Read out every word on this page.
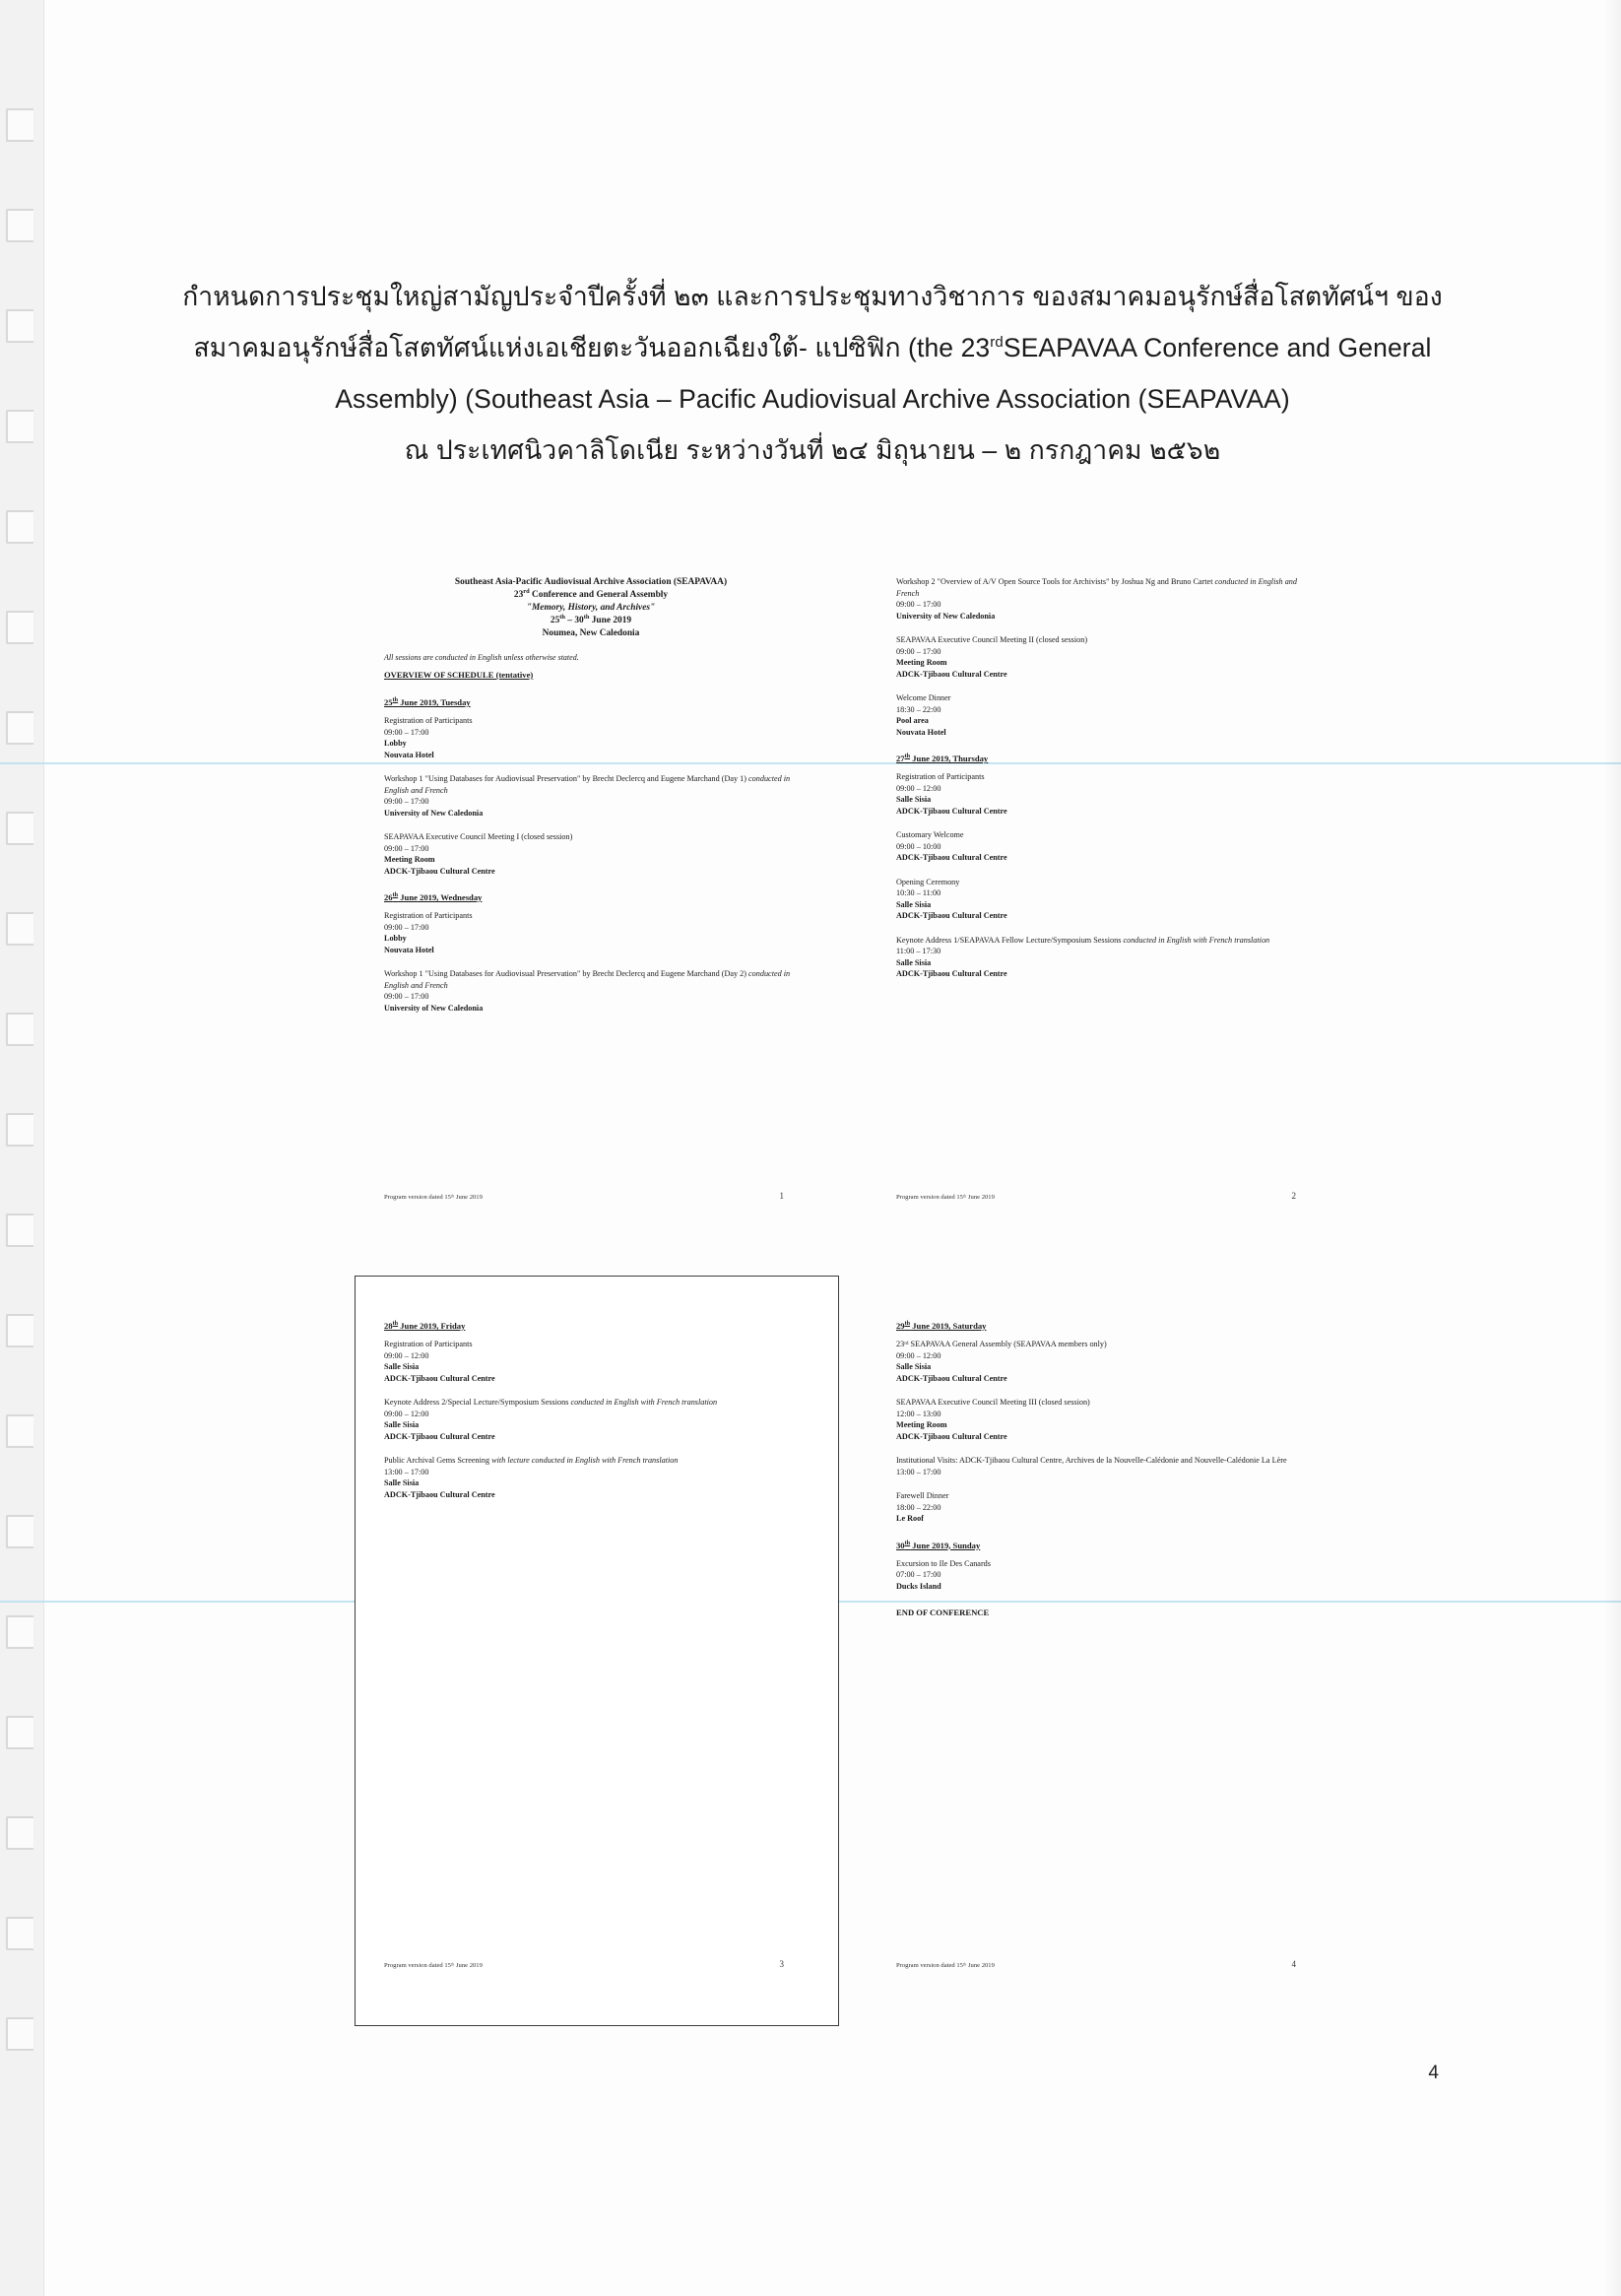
กำหนดการประชุมใหญ่สามัญประจำปีครั้งที่ ๒๓ และการประชุมทางวิชาการ ของสมาคมอนุรักษ์สื่อโสตทัศน์ฯ ของ
สมาคมอนุรักษ์สื่อโสตทัศน์แห่งเอเชียตะวันออกเฉียงใต้- แปซิฟิก (the 23rdSEAPAVAA Conference and General
Assembly) (Southeast Asia – Pacific Audiovisual Archive Association (SEAPAVAA)
ณ ประเทศนิวคาลิโดเนีย ระหว่างวันที่ ๒๔ มิถุนายน – ๒ กรกฎาคม ๒๕๖๒
Southeast Asia-Pacific Audiovisual Archive Association (SEAPAVAA)
23rd Conference and General Assembly
"Memory, History, and Archives"
25th – 30th June 2019
Noumea, New Caledonia
All sessions are conducted in English unless otherwise stated.
OVERVIEW OF SCHEDULE (tentative)
25th June 2019, Tuesday
Registration of Participants
09:00 – 17:00
Lobby
Nouvata Hotel
Workshop 1 "Using Databases for Audiovisual Preservation" by Brecht Declercq and Eugene Marchand (Day 1) conducted in English and French
09:00 – 17:00
University of New Caledonia
SEAPAVAA Executive Council Meeting I (closed session)
09:00 – 17:00
Meeting Room
ADCK-Tjibaou Cultural Centre
26th June 2019, Wednesday
Registration of Participants
09:00 – 17:00
Lobby
Nouvata Hotel
Workshop 1 "Using Databases for Audiovisual Preservation" by Brecht Declercq and Eugene Marchand (Day 2) conducted in English and French
09:00 – 17:00
University of New Caledonia
Program version dated 15ᵗʰ June 2019	1
Workshop 2 "Overview of A/V Open Source Tools for Archivists" by Joshua Ng and Bruno Cartet conducted in English and French
09:00 – 17:00
University of New Caledonia
SEAPAVAA Executive Council Meeting II (closed session)
09:00 – 17:00
Meeting Room
ADCK-Tjibaou Cultural Centre
Welcome Dinner
18:30 – 22:00
Pool area
Nouvata Hotel
27th June 2019, Thursday
Registration of Participants
09:00 – 12:00
Salle Sisia
ADCK-Tjibaou Cultural Centre
Customary Welcome
09:00 – 10:00
ADCK-Tjibaou Cultural Centre
Opening Ceremony
10:30 – 11:00
Salle Sisia
ADCK-Tjibaou Cultural Centre
Keynote Address 1/SEAPAVAA Fellow Lecture/Symposium Sessions conducted in English with French translation
11:00 – 17:30
Salle Sisia
ADCK-Tjibaou Cultural Centre
Program version dated 15ᵗʰ June 2019	2
28th June 2019, Friday
Registration of Participants
09:00 – 12:00
Salle Sisia
ADCK-Tjibaou Cultural Centre
Keynote Address 2/Special Lecture/Symposium Sessions conducted in English with French translation
09:00 – 12:00
Salle Sisia
ADCK-Tjibaou Cultural Centre
Public Archival Gems Screening with lecture conducted in English with French translation
13:00 – 17:00
Salle Sisia
ADCK-Tjibaou Cultural Centre
Program version dated 15ᵗʰ June 2019	3
29th June 2019, Saturday
23ʳᵈ SEAPAVAA General Assembly (SEAPAVAA members only)
09:00 – 12:00
Salle Sisia
ADCK-Tjibaou Cultural Centre
SEAPAVAA Executive Council Meeting III (closed session)
12:00 – 13:00
Meeting Room
ADCK-Tjibaou Cultural Centre
Institutional Visits: ADCK-Tjibaou Cultural Centre, Archives de la Nouvelle-Calédonie and Nouvelle-Calédonie La Lère
13:00 – 17:00
Farewell Dinner
18:00 – 22:00
Le Roof
30th June 2019, Sunday
Excursion to Ile Des Canards
07:00 – 17:00
Ducks Island
END OF CONFERENCE
Program version dated 15ᵗʰ June 2019	4
4
